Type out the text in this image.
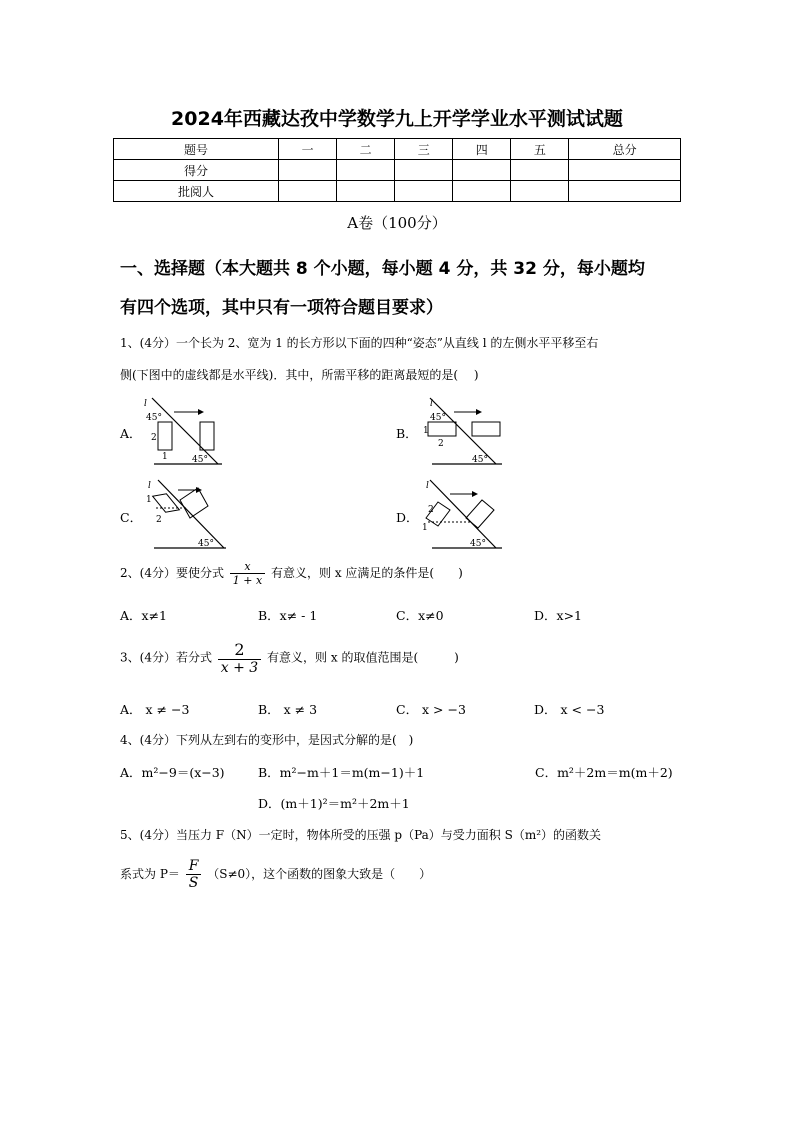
2024年西藏达孜中学数学九上开学学业水平测试试题
题号	一	二	三	四	五	总分
得分						
批阅人						
A卷（100分）
一、选择题（本大题共 8 个小题，每小题 4 分，共 32 分，每小题均
有四个选项，其中只有一项符合题目要求）
1、(4分）一个长为 2、宽为 1 的长方形以下面的四种“姿态”从直线 l 的左侧水平平移至右
侧(下图中的虚线都是水平线)．其中，所需平移的距离最短的是(　 )
A．
l
45°
2
1	45°
B．
l
45°
1
2
45°
C．
l
1
2
45°
D．
l
2
1
45°
2、(4分）要使分式 $\frac{x}{1 + x}$ 有意义，则 x 应满足的条件是(　　)
A．x≠1	B．x≠ - 1	C．x≠0	D．x>1
3、(4分）若分式 $\frac{2}{x + 3}$ 有意义，则 x 的取值范围是(　　　)
A． x ≠ −3	B． x ≠ 3	C． x > −3	D． x < −3
4、(4分）下列从左到右的变形中，是因式分解的是(　)
A．m²−9＝(x−3)	B．m²−m＋1＝m(m−1)＋1	C．m²＋2m＝m(m＋2)
D．(m＋1)²＝m²＋2m＋1
5、(4分）当压力 F（N）一定时，物体所受的压强 p（Pa）与受力面积 S（m²）的函数关
系式为 $P= \frac{F}{S} (S\ne 0)$，这个函数的图象大致是（　　）
